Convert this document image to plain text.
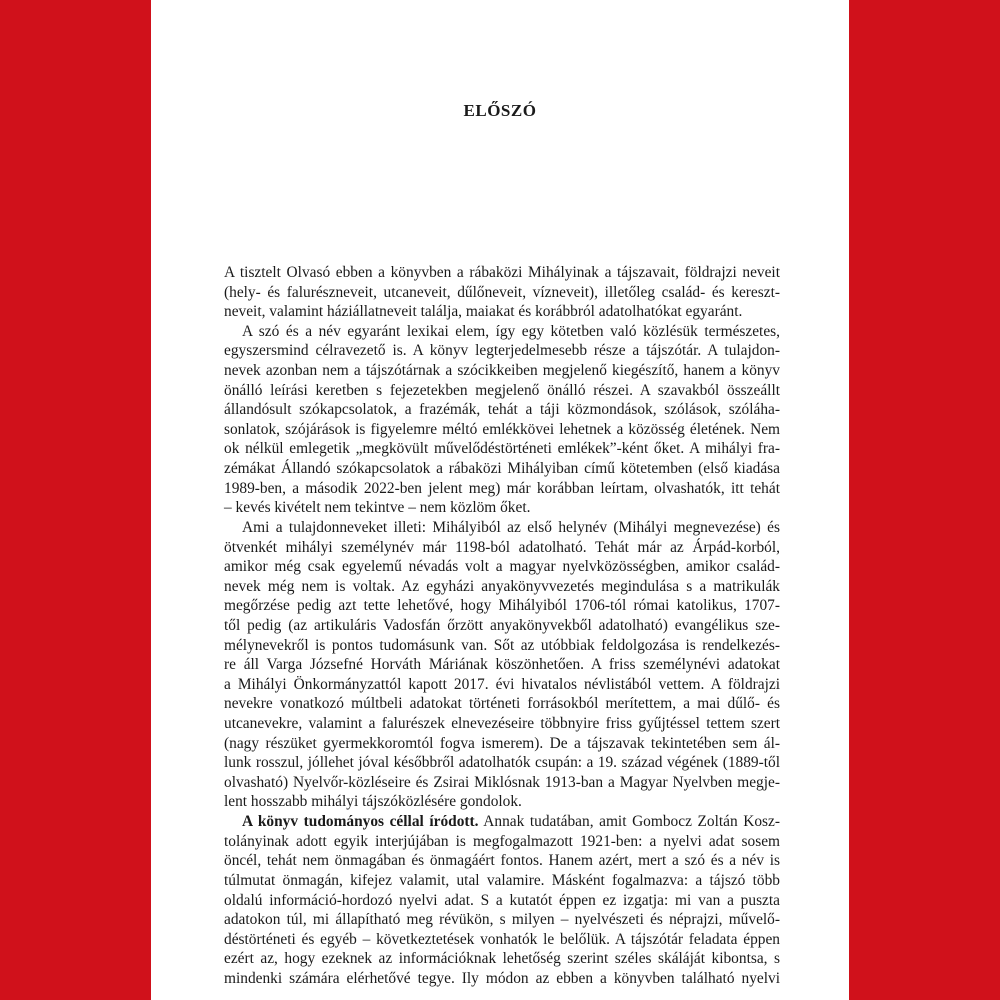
ELŐSZÓ
A tisztelt Olvasó ebben a könyvben a rábaközi Mihályinak a tájszavait, földrajzi neveit
(hely- és falurészneveit, utcaneveit, dűlőneveit, vízneveit), illetőleg család- és kereszt-
neveit, valamint háziállatneveit találja, maiakat és korábbról adatolhatókat egyaránt.
A szó és a név egyaránt lexikai elem, így egy kötetben való közlésük természetes,
egyszersmind célravezető is. A könyv legterjedelmesebb része a tájszótár. A tulajdon-
nevek azonban nem a tájszótárnak a szócikkeiben megjelenő kiegészítő, hanem a könyv
önálló leírási keretben s fejezetekben megjelenő önálló részei. A szavakból összeállt
állandósult szókapcsolatok, a frazémák, tehát a táji közmondások, szólások, szóláha-
sonlatok, szójárások is figyelemre méltó emlékkövei lehetnek a közösség életének. Nem
ok nélkül emlegetik „megkövült művelődéstörténeti emlékek”-ként őket. A mihályi fra-
zémákat Állandó szókapcsolatok a rábaközi Mihályiban című kötetemben (első kiadása
1989-ben, a második 2022-ben jelent meg) már korábban leírtam, olvashatók, itt tehát
– kevés kivételt nem tekintve – nem közlöm őket.
Ami a tulajdonneveket illeti: Mihályiból az első helynév (Mihályi megnevezése) és
ötvenkét mihályi személynév már 1198-ból adatolható. Tehát már az Árpád-korból,
amikor még csak egyelemű névadás volt a magyar nyelvközösségben, amikor család-
nevek még nem is voltak. Az egyházi anyakönyvvezetés megindulása s a matrikulák
megőrzése pedig azt tette lehetővé, hogy Mihályiból 1706-tól római katolikus, 1707-
től pedig (az artikuláris Vadosfán őrzött anyakönyvekből adatolható) evangélikus sze-
mélynevekről is pontos tudomásunk van. Sőt az utóbbiak feldolgozása is rendelkezés-
re áll Varga Józsefné Horváth Máriának köszönhetően. A friss személynévi adatokat
a Mihályi Önkormányzattól kapott 2017. évi hivatalos névlistából vettem. A földrajzi
nevekre vonatkozó múltbeli adatokat történeti forrásokból merítettem, a mai dűlő- és
utcanevekre, valamint a falurészek elnevezéseire többnyire friss gyűjtéssel tettem szert
(nagy részüket gyermekkoromtól fogva ismerem). De a tájszavak tekintetében sem ál-
lunk rosszul, jóllehet jóval későbbről adatolhatók csupán: a 19. század végének (1889-től
olvasható) Nyelvőr-közléseire és Zsirai Miklósnak 1913-ban a Magyar Nyelvben megje-
lent hosszabb mihályi tájszóközlésére gondolok.
A könyv tudományos céllal íródott. Annak tudatában, amit Gombocz Zoltán Kosz-
tolányinak adott egyik interjújában is megfogalmazott 1921-ben: a nyelvi adat sosem
öncél, tehát nem önmagában és önmagáért fontos. Hanem azért, mert a szó és a név is
túlmutat önmagán, kifejez valamit, utal valamire. Másként fogalmazva: a tájszó több
oldalú információ-hordozó nyelvi adat. S a kutatót éppen ez izgatja: mi van a puszta
adatokon túl, mi állapítható meg révükön, s milyen – nyelvészeti és néprajzi, művelő-
déstörténeti és egyéb – következtetések vonhatók le belőlük. A tájszótár feladata éppen
ezért az, hogy ezeknek az információknak lehetőség szerint széles skáláját kibontsa, s
mindenki számára elérhetővé tegye. Ily módon az ebben a könyvben található nyelvi
